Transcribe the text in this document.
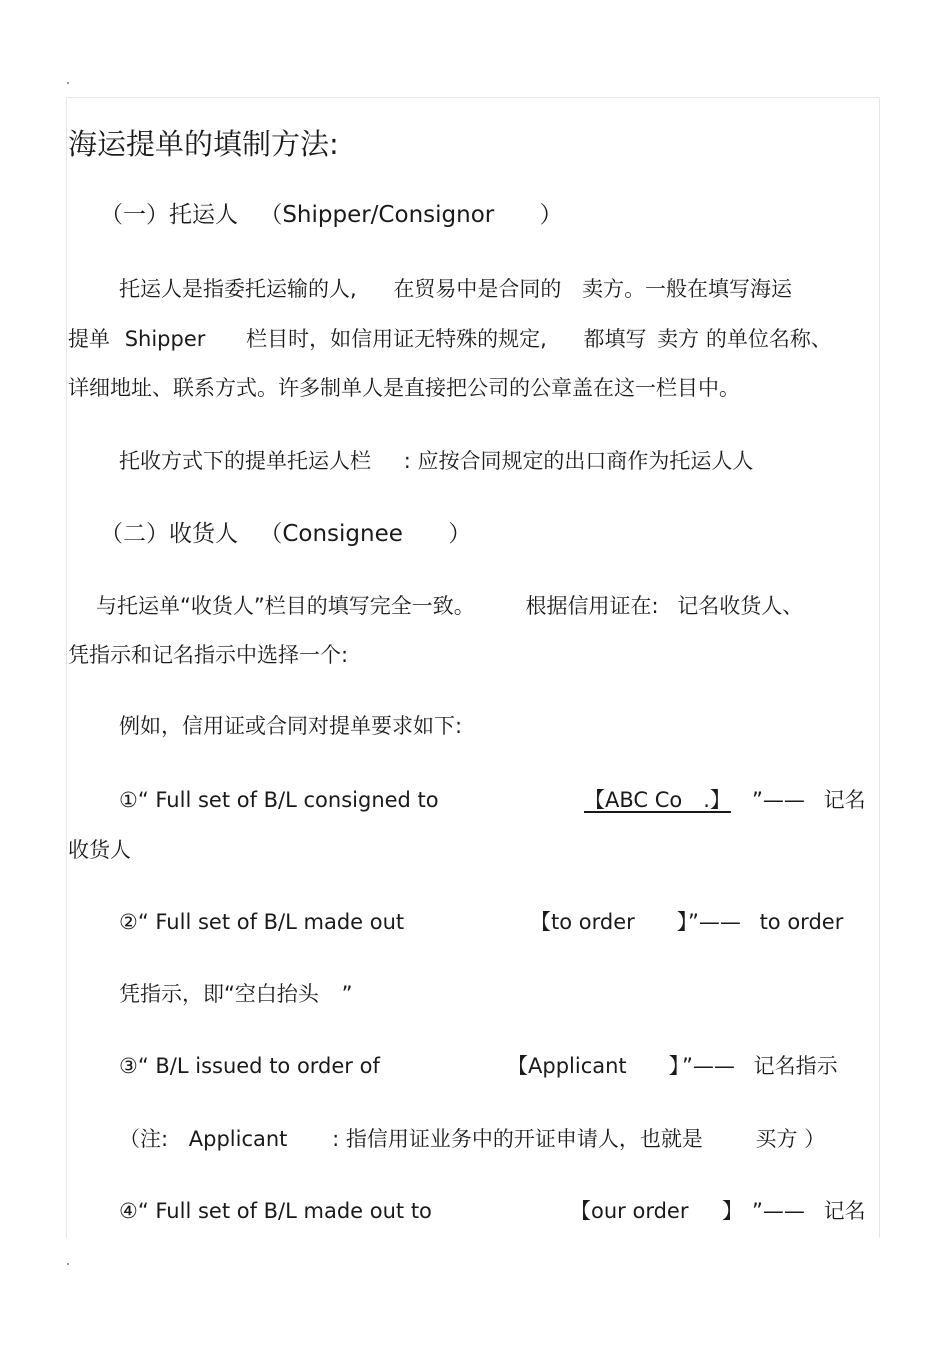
海运提单的填制方法:
（一）托运人 （Shipper/Consignor ）
托运人是指委托运输的人, 在贸易中是合同的 卖方。一般在填写海运
提单 Shipper 栏目时，如信用证无特殊的规定, 都填写 卖方 的单位名称、
详细地址、联系方式。许多制单人是直接把公司的公章盖在这一栏目中。
托收方式下的提单托运人栏 : 应按合同规定的出口商作为托运人人
（二）收货人 （Consignee ）
与托运单“收货人”栏目的填写完全一致。 根据信用证在: 记名收货人、
凭指示和记名指示中选择一个:
例如，信用证或合同对提单要求如下:
①“ Full set of B/L consigned to	【ABC Co　.】 ”—— 记名
收货人
②“ Full set of B/L made out	【to order　　】
”—— to order
凭指示，即“空白抬头 ”
③“ B/L issued to order of	【Applicant　　】
”—— 记名指示
（注: Applicant : 指信用证业务中的开证申请人，也就是	买方 ）
④“ Full set of B/L made out to	【our order 】 ”—— 记名
